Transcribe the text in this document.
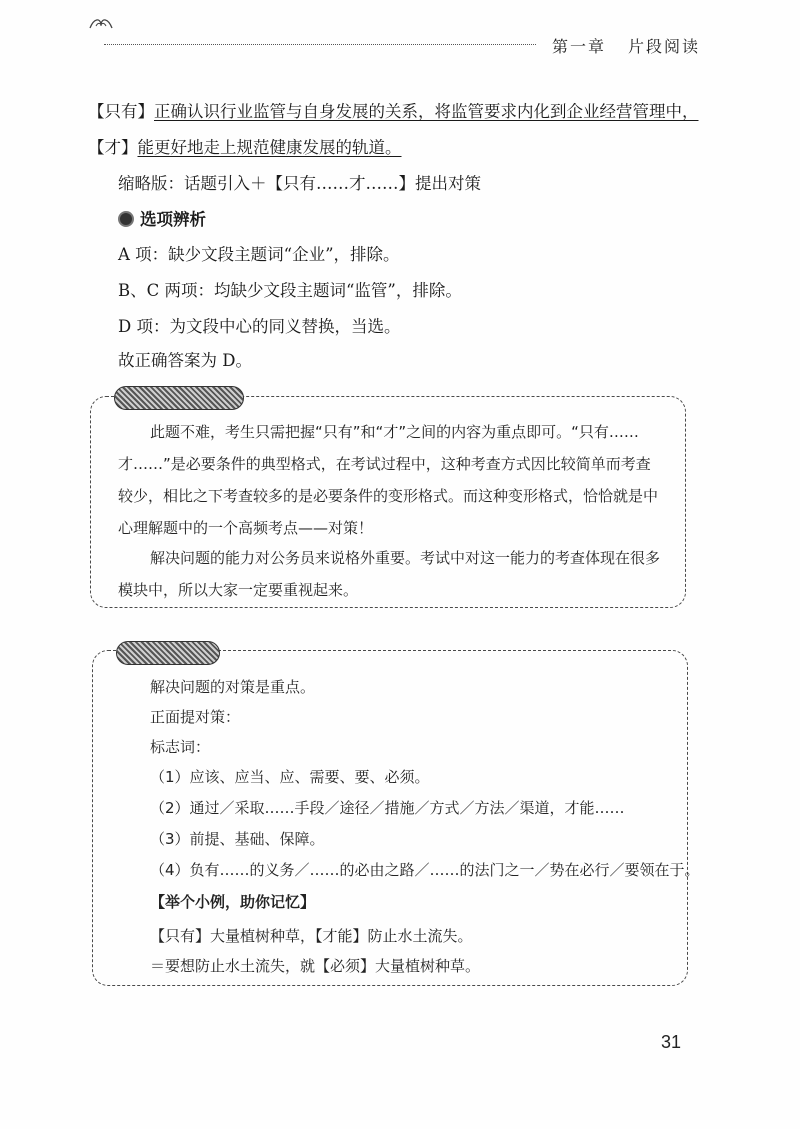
第一章 片段阅读
【只有】正确认识行业监管与自身发展的关系，将监管要求内化到企业经营管理中，
【才】能更好地走上规范健康发展的轨道。
缩略版：话题引入＋【只有……才……】提出对策
选项辨析
A 项：缺少文段主题词“企业”，排除。
B、C 两项：均缺少文段主题词“监管”，排除。
D 项：为文段中心的同义替换，当选。
故正确答案为 D。
此题不难，考生只需把握“只有”和“才”之间的内容为重点即可。“只有……
才……”是必要条件的典型格式，在考试过程中，这种考查方式因比较简单而考查
较少，相比之下考查较多的是必要条件的变形格式。而这种变形格式，恰恰就是中
心理解题中的一个高频考点——对策！
解决问题的能力对公务员来说格外重要。考试中对这一能力的考查体现在很多
模块中，所以大家一定要重视起来。
解决问题的对策是重点。
正面提对策：
标志词：
（1）应该、应当、应、需要、要、必须。
（2）通过／采取……手段／途径／措施／方式／方法／渠道，才能……
（3）前提、基础、保障。
（4）负有……的义务／……的必由之路／……的法门之一／势在必行／要领在于。
【举个小例，助你记忆】
【只有】大量植树种草，【才能】防止水土流失。
＝要想防止水土流失，就【必须】大量植树种草。
31
